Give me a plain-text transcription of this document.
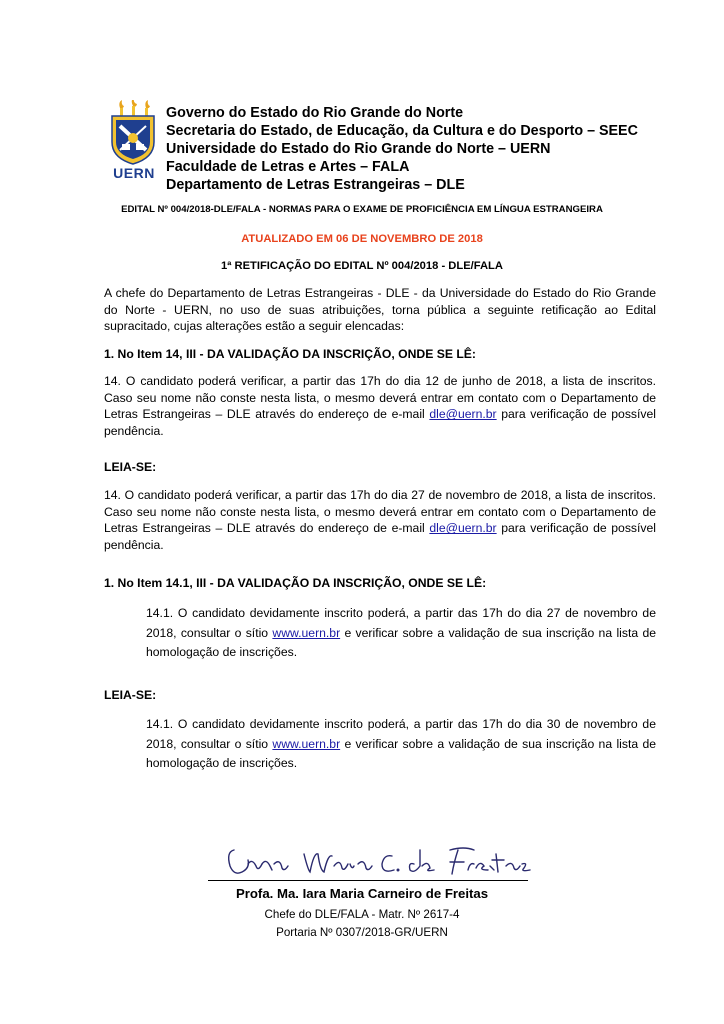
UERN
Governo do Estado do Rio Grande do Norte
Secretaria do Estado, de Educação, da Cultura e do Desporto – SEEC
Universidade do Estado do Rio Grande do Norte – UERN
Faculdade de Letras e Artes – FALA
Departamento de Letras Estrangeiras – DLE
EDITAL Nº 004/2018-DLE/FALA - NORMAS PARA O EXAME DE PROFICIÊNCIA EM LÍNGUA ESTRANGEIRA
ATUALIZADO EM 06 DE NOVEMBRO DE 2018
1ª RETIFICAÇÃO DO EDITAL Nº 004/2018 - DLE/FALA
A chefe do Departamento de Letras Estrangeiras - DLE - da Universidade do Estado do Rio Grande do Norte - UERN, no uso de suas atribuições, torna pública a seguinte retificação ao Edital supracitado, cujas alterações estão a seguir elencadas:
1. No Item 14, III - DA VALIDAÇÃO DA INSCRIÇÃO, ONDE SE LÊ:
14. O candidato poderá verificar, a partir das 17h do dia 12 de junho de 2018, a lista de inscritos. Caso seu nome não conste nesta lista, o mesmo deverá entrar em contato com o Departamento de Letras Estrangeiras – DLE através do endereço de e-mail dle@uern.br para verificação de possível pendência.
LEIA-SE:
14. O candidato poderá verificar, a partir das 17h do dia 27 de novembro de 2018, a lista de inscritos. Caso seu nome não conste nesta lista, o mesmo deverá entrar em contato com o Departamento de Letras Estrangeiras – DLE através do endereço de e-mail dle@uern.br para verificação de possível pendência.
1. No Item 14.1, III - DA VALIDAÇÃO DA INSCRIÇÃO, ONDE SE LÊ:
14.1. O candidato devidamente inscrito poderá, a partir das 17h do dia 27 de novembro de 2018, consultar o sítio www.uern.br e verificar sobre a validação de sua inscrição na lista de homologação de inscrições.
LEIA-SE:
14.1. O candidato devidamente inscrito poderá, a partir das 17h do dia 30 de novembro de 2018, consultar o sítio www.uern.br e verificar sobre a validação de sua inscrição na lista de homologação de inscrições.
Profa. Ma. Iara Maria Carneiro de Freitas
Chefe do DLE/FALA - Matr. Nº 2617-4
Portaria Nº 0307/2018-GR/UERN
